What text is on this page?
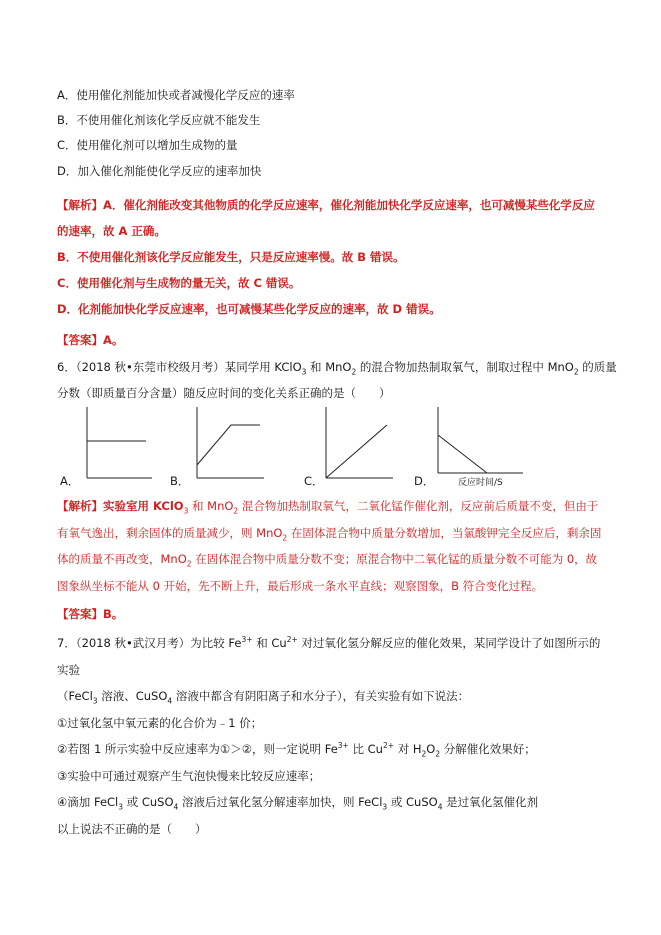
A．使用催化剂能加快或者减慢化学反应的速率
B．不使用催化剂该化学反应就不能发生
C．使用催化剂可以增加生成物的量
D．加入催化剂能使化学反应的速率加快
【解析】A．催化剂能改变其他物质的化学反应速率，催化剂能加快化学反应速率，也可减慢某些化学反应
的速率，故 A 正确。
B．不使用催化剂该化学反应能发生，只是反应速率慢。故 B 错误。
C．使用催化剂与生成物的量无关，故 C 错误。
D．化剂能加快化学反应速率，也可减慢某些化学反应的速率，故 D 错误。
【答案】A。
6．（2018 秋•东莞市校级月考）某同学用 KClO$_3$ 和 MnO$_2$ 的混合物加热制取氧气，制取过程中 MnO$_2$ 的质量
分数（即质量百分含量）随反应时间的变化关系正确的是（　　）
A．	B．	C．	反应时间/S
D．
【解析】实验室用 KClO$_3$ 和 MnO$_2$ 混合物加热制取氧气，二氧化锰作催化剂，反应前后质量不变，但由于
有氧气逸出，剩余固体的质量减少，则 MnO$_2$ 在固体混合物中质量分数增加，当氯酸钾完全反应后，剩余固
体的质量不再改变，MnO$_2$ 在固体混合物中质量分数不变；原混合物中二氧化锰的质量分数不可能为 0，故
图象纵坐标不能从 0 开始，先不断上升，最后形成一条水平直线；观察图象，B 符合变化过程。
【答案】B。
7．（2018 秋•武汉月考）为比较 $Fe^{3+}$ 和 $Cu^{2+}$ 对过氧化氢分解反应的催化效果，某同学设计了如图所示的实验
（FeCl$_3$ 溶液、CuSO$_4$ 溶液中都含有阴阳离子和水分子），有关实验有如下说法：
①过氧化氢中氧元素的化合价为﹣1 价；
②若图 1 所示实验中反应速率为①＞②，则一定说明 $Fe^{3+}$ 比 $Cu^{2+}$ 对 $H_2O_2$ 分解催化效果好；
③实验中可通过观察产生气泡快慢来比较反应速率；
④滴加 FeCl$_3$ 或 CuSO$_4$ 溶液后过氧化氢分解速率加快，则 FeCl$_3$ 或 CuSO$_4$ 是过氧化氢催化剂
以上说法不正确的是（　　）
